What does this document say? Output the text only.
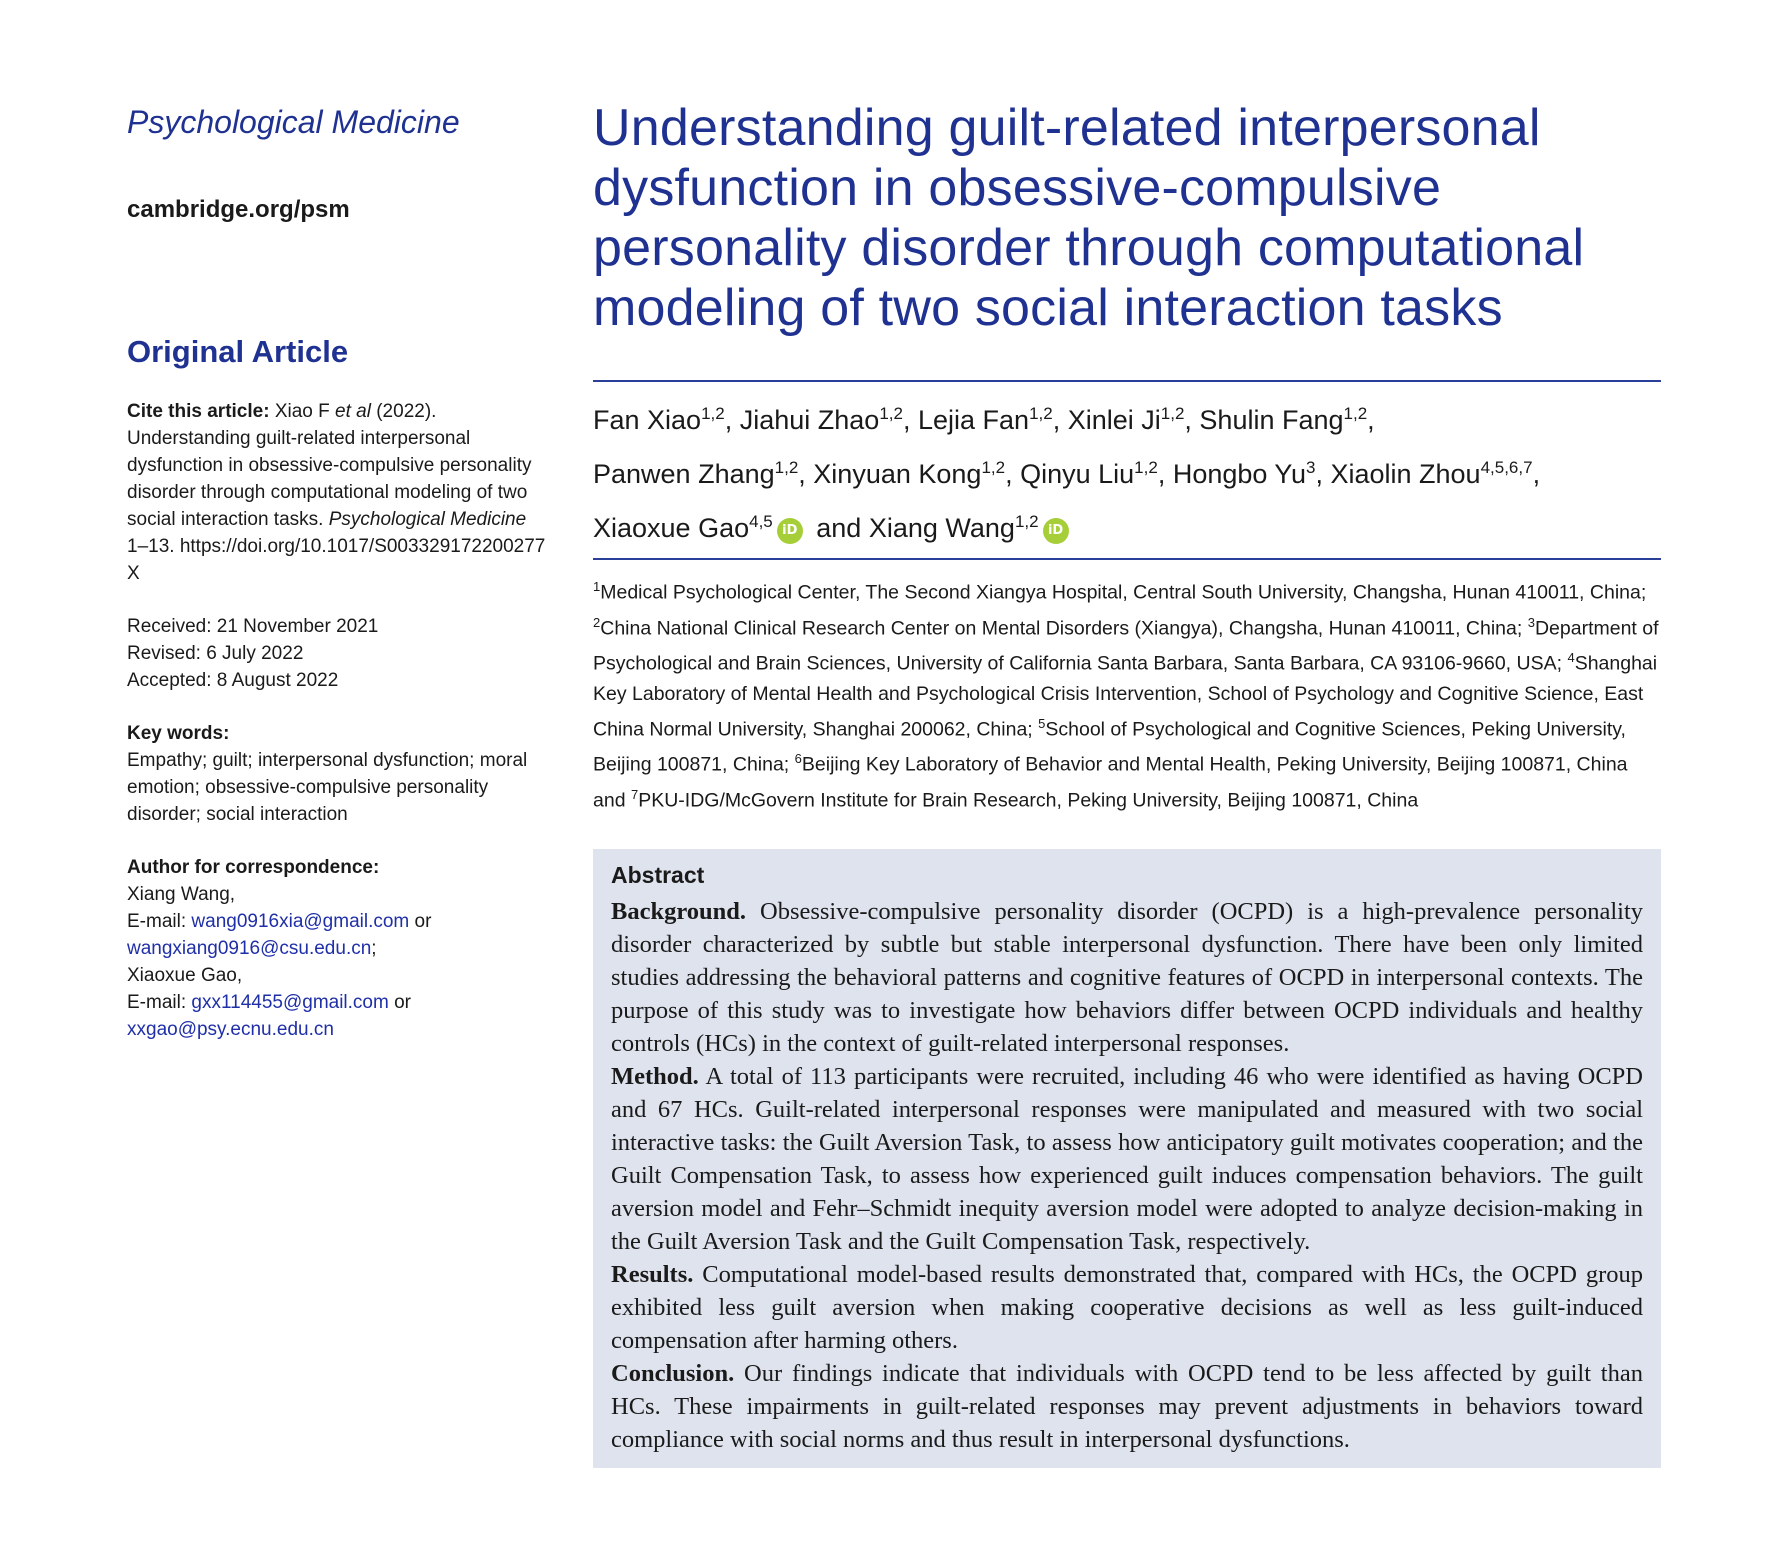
Psychological Medicine

cambridge.org/psm
Original Article
Cite this article: Xiao F et al (2022). Understanding guilt-related interpersonal dysfunction in obsessive-compulsive personality disorder through computational modeling of two social interaction tasks. Psychological Medicine 1–13. https://doi.org/10.1017/S003329172200277X
Received: 21 November 2021
Revised: 6 July 2022
Accepted: 8 August 2022
Key words:
Empathy; guilt; interpersonal dysfunction; moral emotion; obsessive-compulsive personality disorder; social interaction
Author for correspondence:
Xiang Wang,
E-mail: wang0916xia@gmail.com or
wangxiang0916@csu.edu.cn;
Xiaoxue Gao,
E-mail: gxx114455@gmail.com or
xxgao@psy.ecnu.edu.cn
Understanding guilt-related interpersonal dysfunction in obsessive-compulsive personality disorder through computational modeling of two social interaction tasks
Fan Xiao$^{1,2}$, Jiahui Zhao$^{1,2}$, Lejia Fan$^{1,2}$, Xinlei Ji$^{1,2}$, Shulin Fang$^{1,2}$,
Panwen Zhang$^{1,2}$, Xinyuan Kong$^{1,2}$, Qinyu Liu$^{1,2}$, Hongbo Yu$^3$, Xiaolin Zhou$^{4,5,6,7}$,
Xiaoxue Gao$^{4,5}$ iD and Xiang Wang$^{1,2}$ iD
$^1$Medical Psychological Center, The Second Xiangya Hospital, Central South University, Changsha, Hunan 410011, China; $^2$China National Clinical Research Center on Mental Disorders (Xiangya), Changsha, Hunan 410011, China; $^3$Department of Psychological and Brain Sciences, University of California Santa Barbara, Santa Barbara, CA 93106-9660, USA; $^4$Shanghai Key Laboratory of Mental Health and Psychological Crisis Intervention, School of Psychology and Cognitive Science, East China Normal University, Shanghai 200062, China; $^5$School of Psychological and Cognitive Sciences, Peking University, Beijing 100871, China; $^6$Beijing Key Laboratory of Behavior and Mental Health, Peking University, Beijing 100871, China and $^7$PKU-IDG/McGovern Institute for Brain Research, Peking University, Beijing 100871, China
Abstract

Background. Obsessive-compulsive personality disorder (OCPD) is a high-prevalence personality disorder characterized by subtle but stable interpersonal dysfunction. There have been only limited studies addressing the behavioral patterns and cognitive features of OCPD in interpersonal contexts. The purpose of this study was to investigate how behaviors differ between OCPD individuals and healthy controls (HCs) in the context of guilt-related interpersonal responses.

Method. A total of 113 participants were recruited, including 46 who were identified as having OCPD and 67 HCs. Guilt-related interpersonal responses were manipulated and measured with two social interactive tasks: the Guilt Aversion Task, to assess how anticipatory guilt motivates cooperation; and the Guilt Compensation Task, to assess how experienced guilt induces compensation behaviors. The guilt aversion model and Fehr–Schmidt inequity aversion model were adopted to analyze decision-making in the Guilt Aversion Task and the Guilt Compensation Task, respectively.

Results. Computational model-based results demonstrated that, compared with HCs, the OCPD group exhibited less guilt aversion when making cooperative decisions as well as less guilt-induced compensation after harming others.

Conclusion. Our findings indicate that individuals with OCPD tend to be less affected by guilt than HCs. These impairments in guilt-related responses may prevent adjustments in behaviors toward compliance with social norms and thus result in interpersonal dysfunctions.
